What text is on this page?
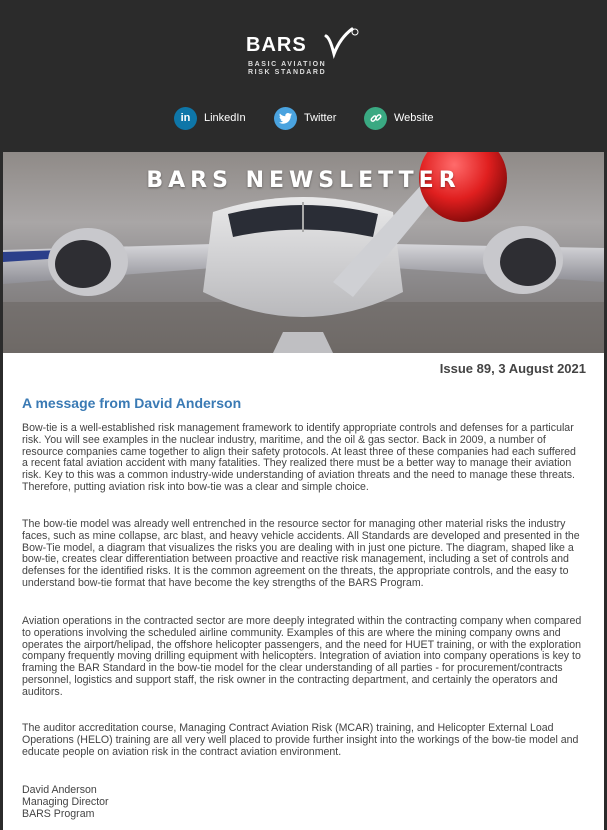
BARS
BASIC AVIATION
RISK STANDARD
in	LinkedIn	Twitter	Website
BARS NEWSLETTER
Issue 89, 3 August 2021
A message from David Anderson

Bow-tie is a well-established risk management framework to identify appropriate controls and defenses for a particular risk. You will see examples in the nuclear industry, maritime, and the oil & gas sector. Back in 2009, a number of resource companies came together to align their safety protocols. At least three of these companies had each suffered a recent fatal aviation accident with many fatalities. They realized there must be a better way to manage their aviation risk. Key to this was a common industry-wide understanding of aviation threats and the need to manage these threats. Therefore, putting aviation risk into bow-tie was a clear and simple choice.

The bow-tie model was already well entrenched in the resource sector for managing other material risks the industry faces, such as mine collapse, arc blast, and heavy vehicle accidents. All Standards are developed and presented in the Bow-Tie model, a diagram that visualizes the risks you are dealing with in just one picture. The diagram, shaped like a bow-tie, creates clear differentiation between proactive and reactive risk management, including a set of controls and defenses for the identified risks. It is the common agreement on the threats, the appropriate controls, and the easy to understand bow-tie format that have become the key strengths of the BARS Program.

Aviation operations in the contracted sector are more deeply integrated within the contracting company when compared to operations involving the scheduled airline community. Examples of this are where the mining company owns and operates the airport/helipad, the offshore helicopter passengers, and the need for HUET training, or with the exploration company frequently moving drilling equipment with helicopters. Integration of aviation into company operations is key to framing the BAR Standard in the bow-tie model for the clear understanding of all parties - for procurement/contracts personnel, logistics and support staff, the risk owner in the contracting department, and certainly the operators and auditors.

The auditor accreditation course, Managing Contract Aviation Risk (MCAR) training, and Helicopter External Load Operations (HELO) training are all very well placed to provide further insight into the workings of the bow-tie model and educate people on aviation risk in the contract aviation environment.

David Anderson
Managing Director
BARS Program
